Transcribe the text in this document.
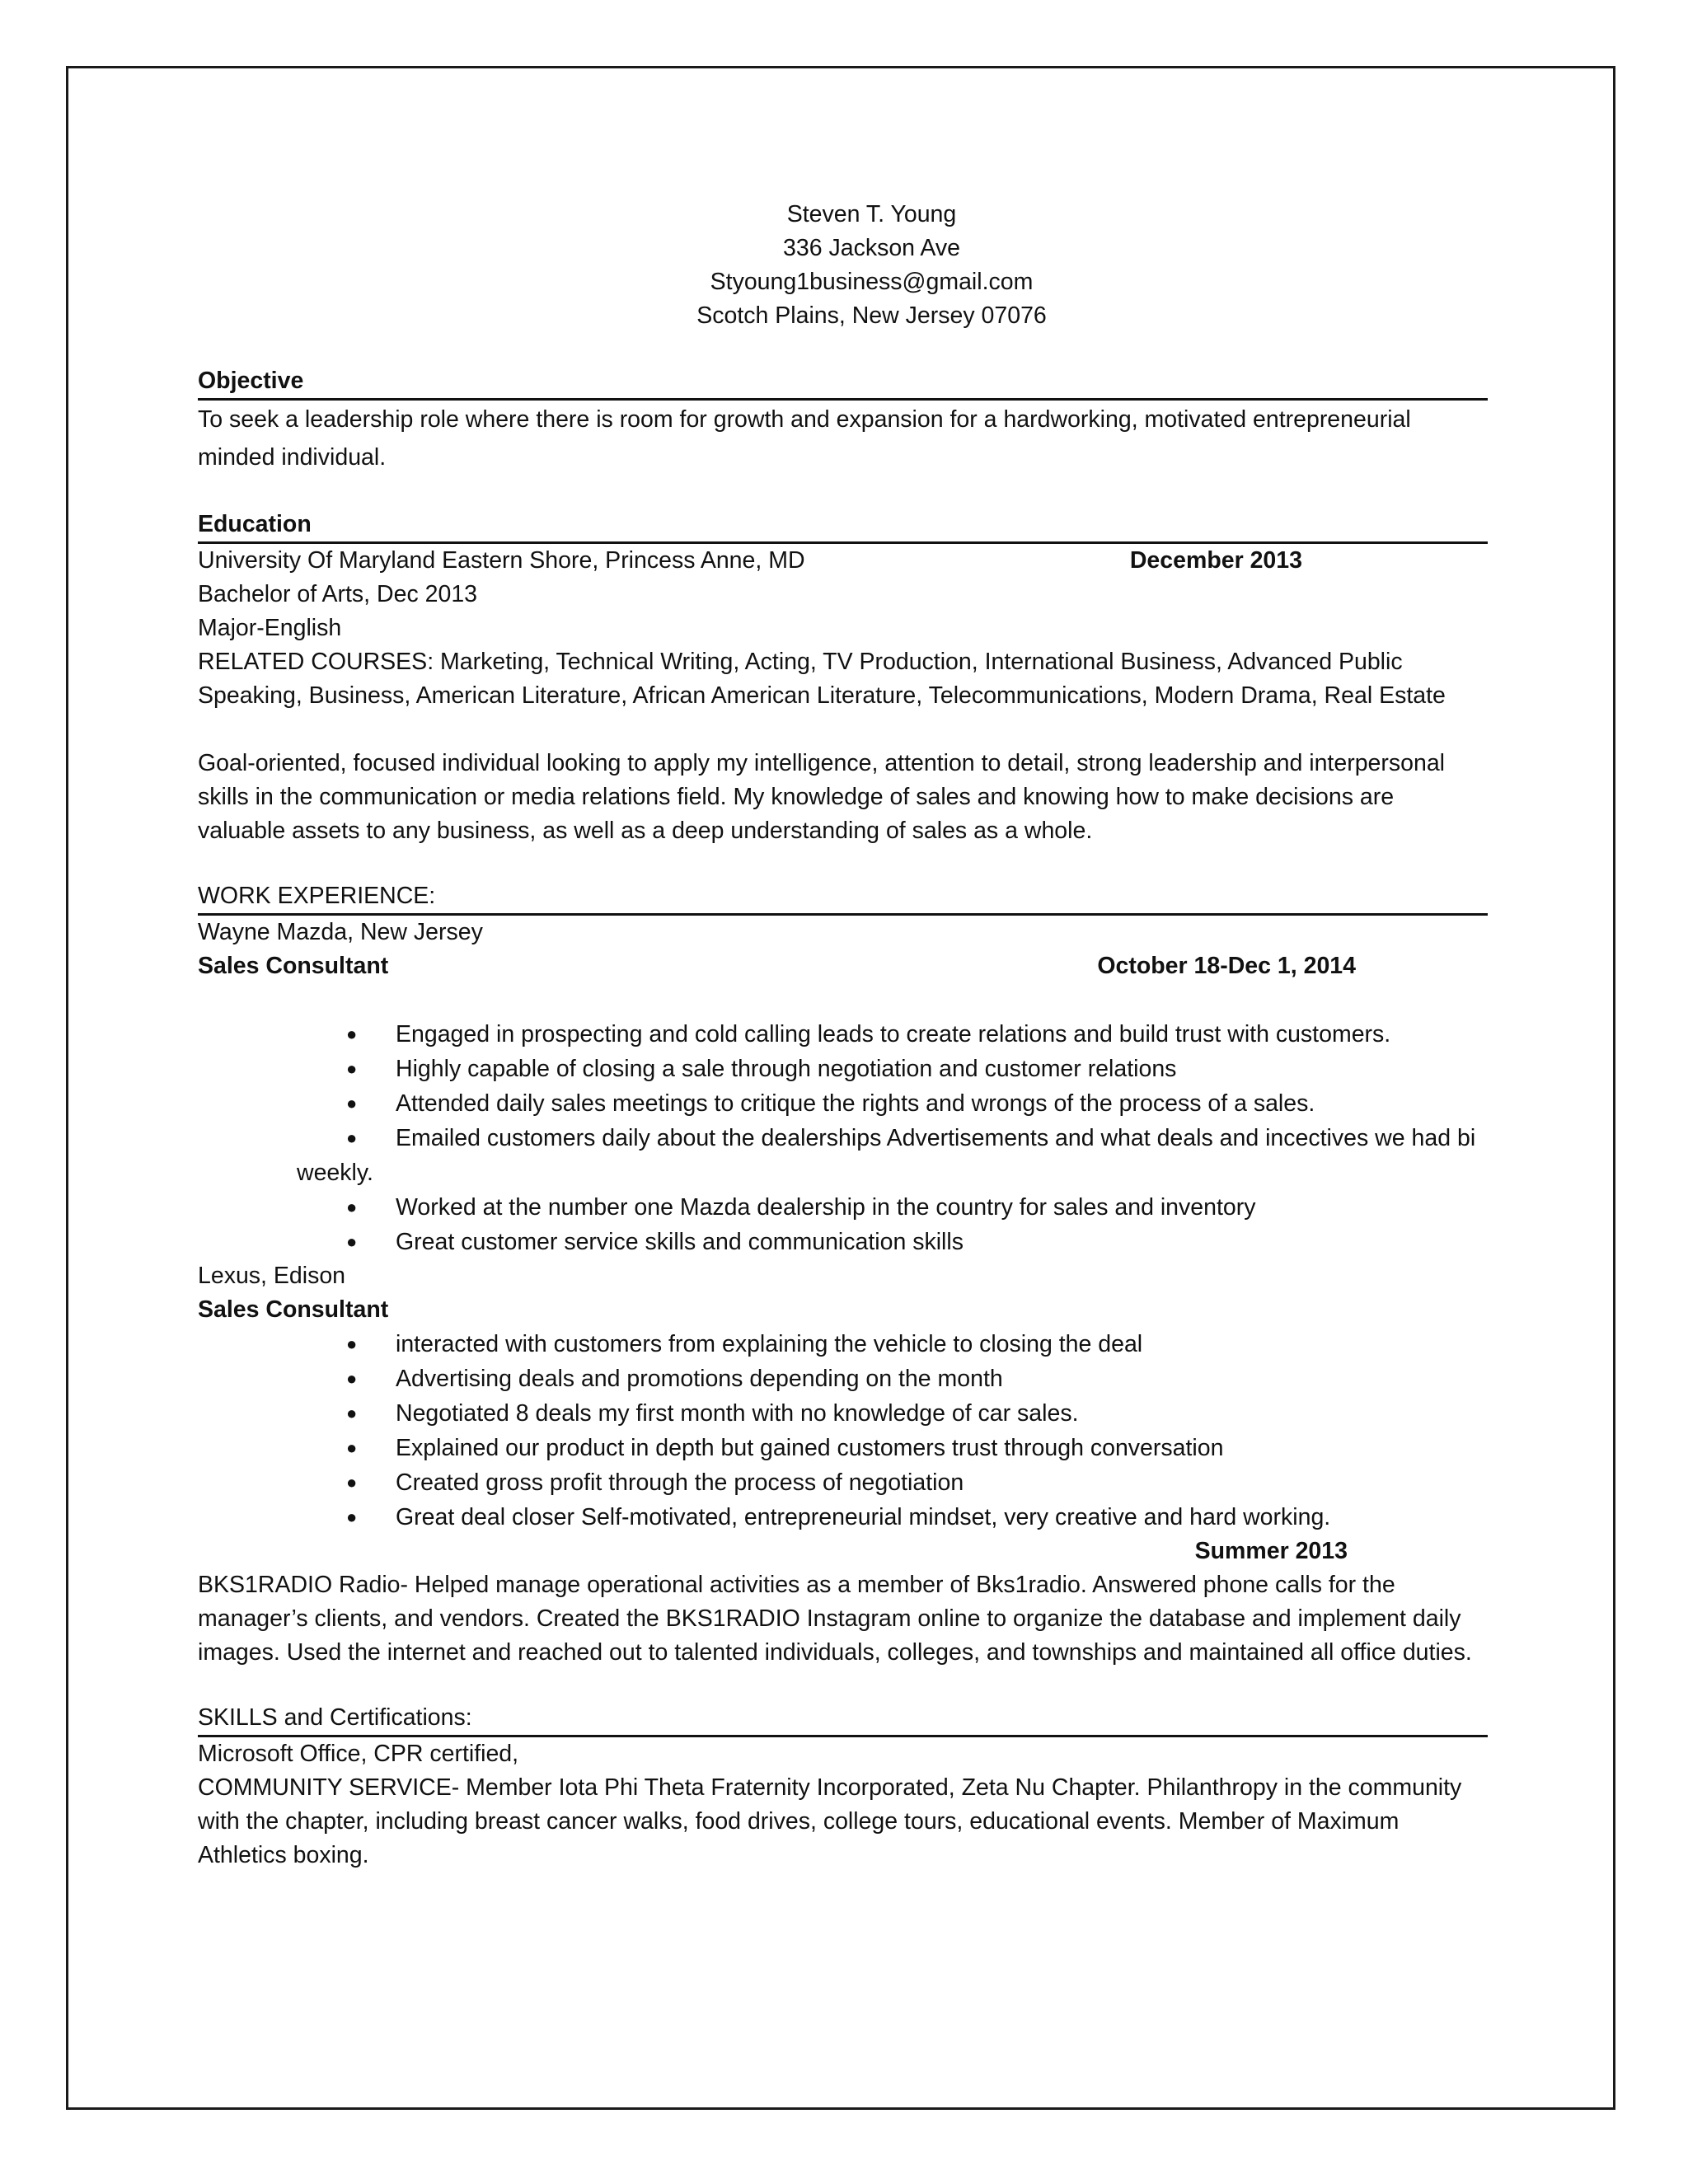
Steven T. Young
336 Jackson Ave
Styoung1business@gmail.com
Scotch Plains, New Jersey 07076
Objective

To seek a leadership role where there is room for growth and expansion for a hardworking, motivated entrepreneurial minded individual.

Education
University Of Maryland Eastern Shore, Princess Anne, MD	December 2013
Bachelor of Arts, Dec 2013
Major-English

RELATED COURSES: Marketing, Technical Writing, Acting, TV Production, International Business, Advanced Public Speaking, Business, American Literature, African American Literature, Telecommunications, Modern Drama, Real Estate

Goal-oriented, focused individual looking to apply my intelligence, attention to detail, strong leadership and interpersonal skills in the communication or media relations field. My knowledge of sales and knowing how to make decisions are valuable assets to any business, as well as a deep understanding of sales as a whole.

WORK EXPERIENCE:
Wayne Mazda, New Jersey
Sales Consultant	October 18-Dec 1, 2014
● Engaged in prospecting and cold calling leads to create relations and build trust with customers.
● Highly capable of closing a sale through negotiation and customer relations
● Attended daily sales meetings to critique the rights and wrongs of the process of a sales.
● Emailed customers daily about the dealerships Advertisements and what deals and incectives we had bi weekly.
● Worked at the number one Mazda dealership in the country for sales and inventory
● Great customer service skills and communication skills
Lexus, Edison
Sales Consultant
● interacted with customers from explaining the vehicle to closing the deal
● Advertising deals and promotions depending on the month
● Negotiated 8 deals my first month with no knowledge of car sales.
● Explained our product in depth but gained customers trust through conversation
● Created gross profit through the process of negotiation
● Great deal closer Self-motivated, entrepreneurial mindset, very creative and hard working.
Summer 2013

BKS1RADIO Radio- Helped manage operational activities as a member of Bks1radio. Answered phone calls for the manager’s clients, and vendors. Created the BKS1RADIO Instagram online to organize the database and implement daily images. Used the internet and reached out to talented individuals, colleges, and townships and maintained all office duties.

SKILLS and Certifications:
Microsoft Office, CPR certified,

COMMUNITY SERVICE- Member Iota Phi Theta Fraternity Incorporated, Zeta Nu Chapter. Philanthropy in the community with the chapter, including breast cancer walks, food drives, college tours, educational events. Member of Maximum Athletics boxing.
